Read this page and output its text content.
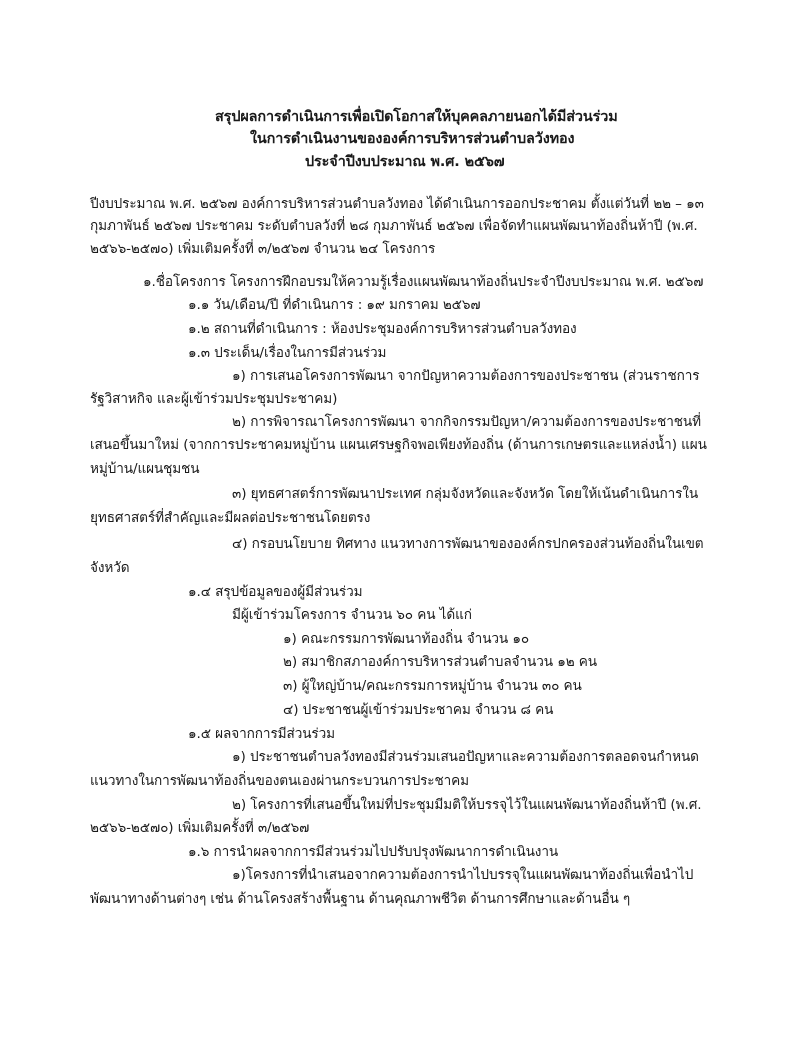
สรุปผลการดำเนินการเพื่อเปิดโอกาสให้บุคคลภายนอกได้มีส่วนร่วม
ในการดำเนินงานขององค์การบริหารส่วนตำบลวังทอง
ประจำปีงบประมาณ พ.ศ. ๒๕๖๗
ปีงบประมาณ พ.ศ. ๒๕๖๗ องค์การบริหารส่วนตำบลวังทอง ได้ดำเนินการออกประชาคม ตั้งแต่วันที่ ๒๒ – ๑๓
กุมภาพันธ์ ๒๕๖๗ ประชาคม ระดับตำบลวังที่ ๒๘ กุมภาพันธ์ ๒๕๖๗ เพื่อจัดทำแผนพัฒนาท้องถิ่นห้าปี (พ.ศ.
๒๕๖๖-๒๕๗๐) เพิ่มเติมครั้งที่ ๓/๒๕๖๗ จำนวน ๒๔ โครงการ
๑.ชื่อโครงการ โครงการฝึกอบรมให้ความรู้เรื่องแผนพัฒนาท้องถิ่นประจำปีงบประมาณ พ.ศ. ๒๕๖๗
๑.๑ วัน/เดือน/ปี ที่ดำเนินการ : ๑๙ มกราคม ๒๕๖๗
๑.๒ สถานที่ดำเนินการ : ห้องประชุมองค์การบริหารส่วนตำบลวังทอง
๑.๓ ประเด็น/เรื่องในการมีส่วนร่วม
๑) การเสนอโครงการพัฒนา จากปัญหาความต้องการของประชาชน (ส่วนราชการ
รัฐวิสาหกิจ และผู้เข้าร่วมประชุมประชาคม)
๒) การพิจารณาโครงการพัฒนา จากกิจกรรมปัญหา/ความต้องการของประชาชนที่
เสนอขึ้นมาใหม่ (จากการประชาคมหมู่บ้าน แผนเศรษฐกิจพอเพียงท้องถิ่น (ด้านการเกษตรและแหล่งน้ำ) แผน
หมู่บ้าน/แผนชุมชน
๓) ยุทธศาสตร์การพัฒนาประเทศ กลุ่มจังหวัดและจังหวัด โดยให้เน้นดำเนินการใน
ยุทธศาสตร์ที่สำคัญและมีผลต่อประชาชนโดยตรง
๔) กรอบนโยบาย ทิศทาง แนวทางการพัฒนาขององค์กรปกครองส่วนท้องถิ่นในเขต
จังหวัด
๑.๔ สรุปข้อมูลของผู้มีส่วนร่วม
มีผู้เข้าร่วมโครงการ จำนวน ๖๐ คน ได้แก่
๑) คณะกรรมการพัฒนาท้องถิ่น จำนวน ๑๐
๒) สมาชิกสภาองค์การบริหารส่วนตำบลจำนวน ๑๒ คน
๓) ผู้ใหญ่บ้าน/คณะกรรมการหมู่บ้าน จำนวน ๓๐ คน
๔) ประชาชนผู้เข้าร่วมประชาคม จำนวน ๘ คน
๑.๕ ผลจากการมีส่วนร่วม
๑) ประชาชนตำบลวังทองมีส่วนร่วมเสนอปัญหาและความต้องการตลอดจนกำหนด
แนวทางในการพัฒนาท้องถิ่นของตนเองผ่านกระบวนการประชาคม
๒) โครงการที่เสนอขึ้นใหม่ที่ประชุมมีมติให้บรรจุไว้ในแผนพัฒนาท้องถิ่นห้าปี (พ.ศ.
๒๕๖๖-๒๕๗๐) เพิ่มเติมครั้งที่ ๓/๒๕๖๗
๑.๖ การนำผลจากการมีส่วนร่วมไปปรับปรุงพัฒนาการดำเนินงาน
๑)โครงการที่นำเสนอจากความต้องการนำไปบรรจุในแผนพัฒนาท้องถิ่นเพื่อนำไป
พัฒนาทางด้านต่างๆ เช่น ด้านโครงสร้างพื้นฐาน ด้านคุณภาพชีวิต ด้านการศึกษาและด้านอื่น ๆ
